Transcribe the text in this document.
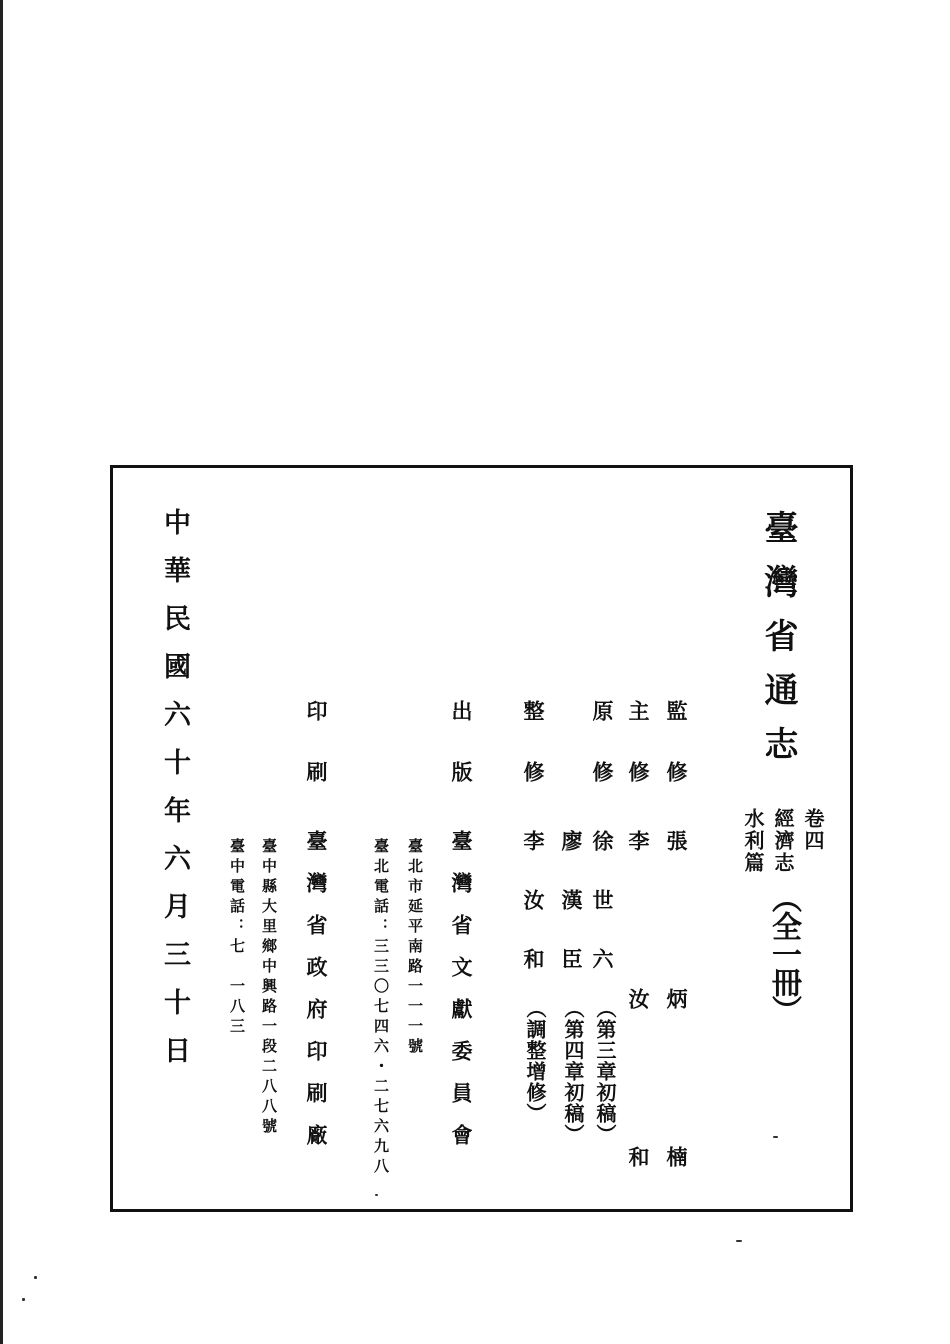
臺灣省通志
卷四
經濟志
水利篇
（全一冊）
監修
張炳楠
主修
李汝和
原修
徐世六
（第三章初稿）
廖漢臣
（第四章初稿）
整修
李汝和
（調整增修）
出版
臺灣省文獻委員會
臺北市延平南路一一一號
臺北電話：三三〇七四六・二七六九八
印刷
臺灣省政府印刷廠
臺中縣大里鄉中興路一段二八八號
臺中電話：七　一八三
中華民國六十年六月三十日
